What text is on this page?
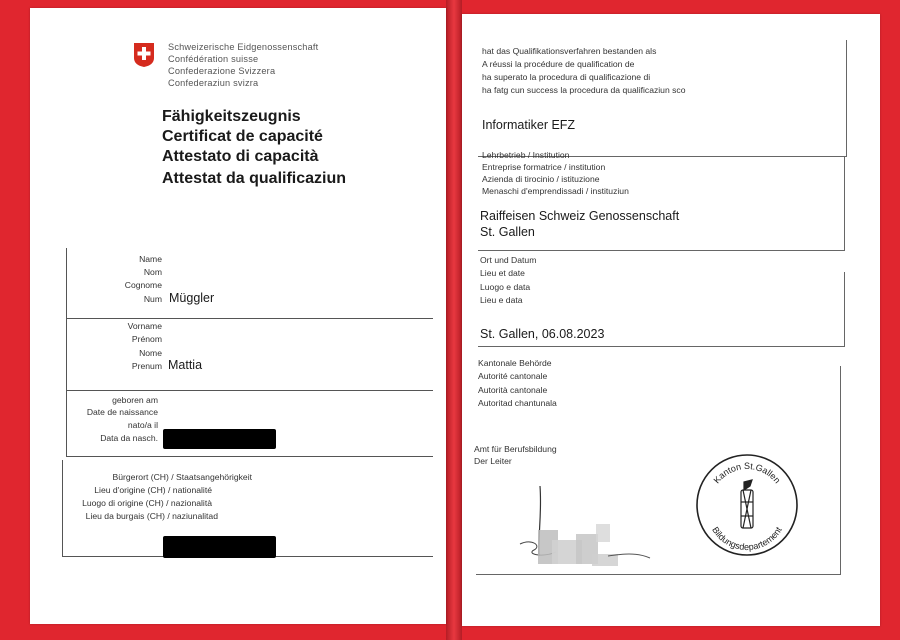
Schweizerische Eidgenossenschaft
Confédération suisse
Confederazione Svizzera
Confederaziun svizra
Fähigkeitszeugnis
Certificat de capacité
Attestato di capacità
Attestat da qualificaziun
Name
Nom
Cognome
Num Müggler
Vorname
Prénom
Nome
Prenum Mattia
geboren am
Date de naissance
nato/a il
Data da nasch.
Bürgerort (CH) / Staatsangehörigkeit
Lieu d'origine (CH) / nationalité
Luogo di origine (CH) / nazionalità
Lieu da burgais (CH) / naziunalitad
hat das Qualifikationsverfahren bestanden als
A réussi la procédure de qualification de
ha superato la procedura di qualificazione di
ha fatg cun success la procedura da qualificaziun sco
Informatiker EFZ
Lehrbetrieb / Institution
Entreprise formatrice / institution
Azienda di tirocinio / istituzione
Menaschi d'emprendissadi / instituziun
Raiffeisen Schweiz Genossenschaft
St. Gallen
Ort und Datum
Lieu et date
Luogo e data
Lieu e data
St. Gallen, 06.08.2023
Kantonale Behörde
Autorité cantonale
Autorità cantonale
Autoritad chantunala
Amt für Berufsbildung
Der Leiter
Kanton St.Gallen
Bildungsdepartement
